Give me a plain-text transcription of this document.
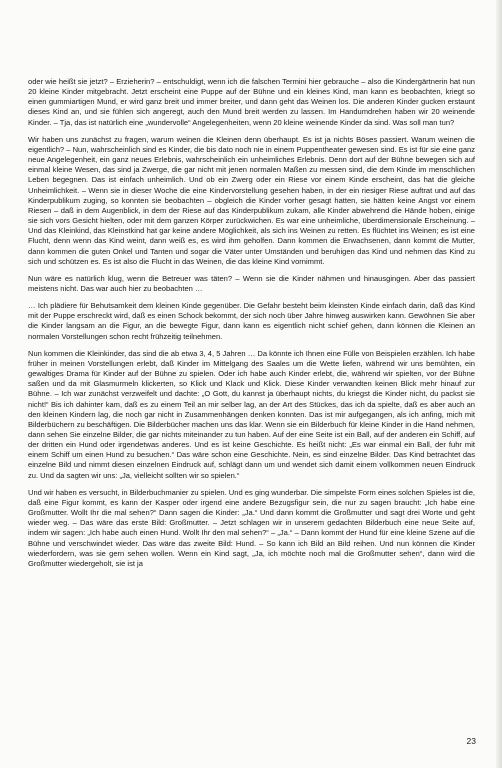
oder wie heißt sie jetzt? – Erzieherin? – entschuldigt, wenn ich die falschen Termini hier gebrauche – also die Kindergärtnerin hat nun 20 kleine Kinder mitgebracht. Jetzt erscheint eine Puppe auf der Bühne und ein kleines Kind, man kann es beobachten, kriegt so einen gummiartigen Mund, er wird ganz breit und immer breiter, und dann geht das Weinen los. Die anderen Kinder gucken erstaunt dieses Kind an, und sie fühlen sich angeregt, auch den Mund breit werden zu lassen. Im Handumdrehen haben wir 20 weinende Kinder. – Tja, das ist natürlich eine „wundervolle“ Angelegenheiten, wenn 20 kleine weinende Kinder da sind. Was soll man tun?

Wir haben uns zunächst zu fragen, warum weinen die Kleinen denn überhaupt. Es ist ja nichts Böses passiert. Warum weinen die eigentlich? – Nun, wahrscheinlich sind es Kinder, die bis dato noch nie in einem Puppentheater gewesen sind. Es ist für sie eine ganz neue Angelegenheit, ein ganz neues Erlebnis, wahrscheinlich ein unheimliches Erlebnis. Denn dort auf der Bühne bewegen sich auf einmal kleine Wesen, das sind ja Zwerge, die gar nicht mit jenen normalen Maßen zu messen sind, die dem Kinde im menschlichen Leben begegnen. Das ist einfach unheimlich. Und ob ein Zwerg oder ein Riese vor einem Kinde erscheint, das hat die gleiche Unheimlichkeit. – Wenn sie in dieser Woche die eine Kindervorstellung gesehen haben, in der ein riesiger Riese auftrat und auf das Kinderpublikum zuging, so konnten sie beobachten – obgleich die Kinder vorher gesagt hatten, sie hätten keine Angst vor einem Riesen – daß in dem Augenblick, in dem der Riese auf das Kinderpublikum zukam, alle Kinder abwehrend die Hände hoben, einige sie sich vors Gesicht hielten, oder mit dem ganzen Körper zurückwichen. Es war eine unheimliche, überdimensionale Erscheinung. – Und das Kleinkind, das Kleinstkind hat gar keine andere Möglichkeit, als sich ins Weinen zu retten. Es flüchtet ins Weinen; es ist eine Flucht, denn wenn das Kind weint, dann weiß es, es wird ihm geholfen. Dann kommen die Erwachsenen, dann kommt die Mutter, dann kommen die guten Onkel und Tanten und sogar die Väter unter Umständen und beruhigen das Kind und nehmen das Kind zu sich und schützen es. Es ist also die Flucht in das Weinen, die das kleine Kind vornimmt.

Nun wäre es natürlich klug, wenn die Betreuer was täten? – Wenn sie die Kinder nähmen und hinausgingen. Aber das passiert meistens nicht. Das war auch hier zu beobachten …

… Ich plädiere für Behutsamkeit dem kleinen Kinde gegenüber. Die Gefahr besteht beim kleinsten Kinde einfach darin, daß das Kind mit der Puppe erschreckt wird, daß es einen Schock bekommt, der sich noch über Jahre hinweg auswirken kann. Gewöhnen Sie aber die Kinder langsam an die Figur, an die bewegte Figur, dann kann es eigentlich nicht schief gehen, dann können die Kleinen an normalen Vorstellungen schon recht frühzeitig teilnehmen.

Nun kommen die Kleinkinder, das sind die ab etwa 3, 4, 5 Jahren … Da könnte ich Ihnen eine Fülle von Beispielen erzählen. Ich habe früher in meinen Vorstellungen erlebt, daß Kinder im Mittelgang des Saales um die Wette liefen, während wir uns bemühten, ein gewaltiges Drama für Kinder auf der Bühne zu spielen. Oder ich habe auch Kinder erlebt, die, während wir spielten, vor der Bühne saßen und da mit Glasmurmeln klickerten, so Klick und Klack und Klick. Diese Kinder verwandten keinen Blick mehr hinauf zur Bühne. – Ich war zunächst verzweifelt und dachte: „O Gott, du kannst ja überhaupt nichts, du kriegst die Kinder nicht, du packst sie nicht!“ Bis ich dahinter kam, daß es zu einem Teil an mir selber lag, an der Art des Stückes, das ich da spielte, daß es aber auch an den kleinen Kindern lag, die noch gar nicht in Zusammenhängen denken konnten. Das ist mir aufgegangen, als ich anfing, mich mit Bilderbüchern zu beschäftigen. Die Bilderbücher machen uns das klar. Wenn sie ein Bilderbuch für kleine Kinder in die Hand nehmen, dann sehen Sie einzelne Bilder, die gar nichts miteinander zu tun haben. Auf der eine Seite ist ein Ball, auf der anderen ein Schiff, auf der dritten ein Hund oder irgendetwas anderes. Und es ist keine Geschichte. Es heißt nicht: „Es war einmal ein Ball, der fuhr mit einem Schiff um einen Hund zu besuchen.“ Das wäre schon eine Geschichte. Nein, es sind einzelne Bilder. Das Kind betrachtet das einzelne Bild und nimmt diesen einzelnen Eindruck auf, schlägt dann um und wendet sich damit einem vollkommen neuen Eindruck zu. Und da sagten wir uns: „Ja, vielleicht sollten wir so spielen.“

Und wir haben es versucht, in Bilderbuchmanier zu spielen. Und es ging wunderbar. Die simpelste Form eines solchen Spieles ist die, daß eine Figur kommt, es kann der Kasper oder irgend eine andere Bezugsfigur sein, die nur zu sagen braucht: „Ich habe eine Großmutter. Wollt Ihr die mal sehen?“ Dann sagen die Kinder: „Ja.“ Und dann kommt die Großmutter und sagt drei Worte und geht wieder weg. – Das wäre das erste Bild: Großmutter. – Jetzt schlagen wir in unserem gedachten Bilderbuch eine neue Seite auf, indem wir sagen: „Ich habe auch einen Hund. Wollt Ihr den mal sehen?“ – „Ja.“ – Dann kommt der Hund für eine kleine Szene auf die Bühne und verschwindet wieder. Das wäre das zweite Bild: Hund. – So kann ich Bild an Bild reihen. Und nun können die Kinder wiederfordern, was sie gern sehen wollen. Wenn ein Kind sagt, „Ja, ich möchte noch mal die Großmutter sehen“, dann wird die Großmutter wiedergeholt, sie ist ja

23
